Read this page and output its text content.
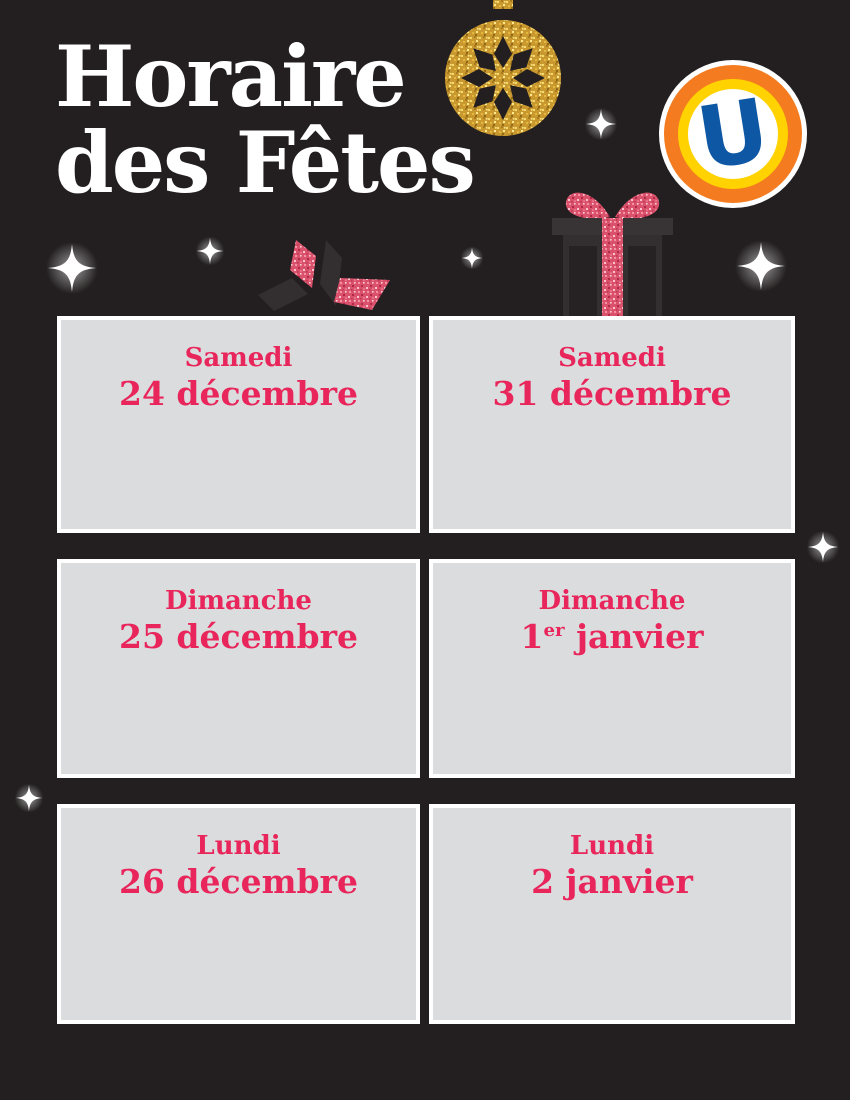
U
Horaire
des Fêtes
Samedi
24 décembre
Samedi
31 décembre
Dimanche
25 décembre
Dimanche
1er janvier
Lundi
26 décembre
Lundi
2 janvier
